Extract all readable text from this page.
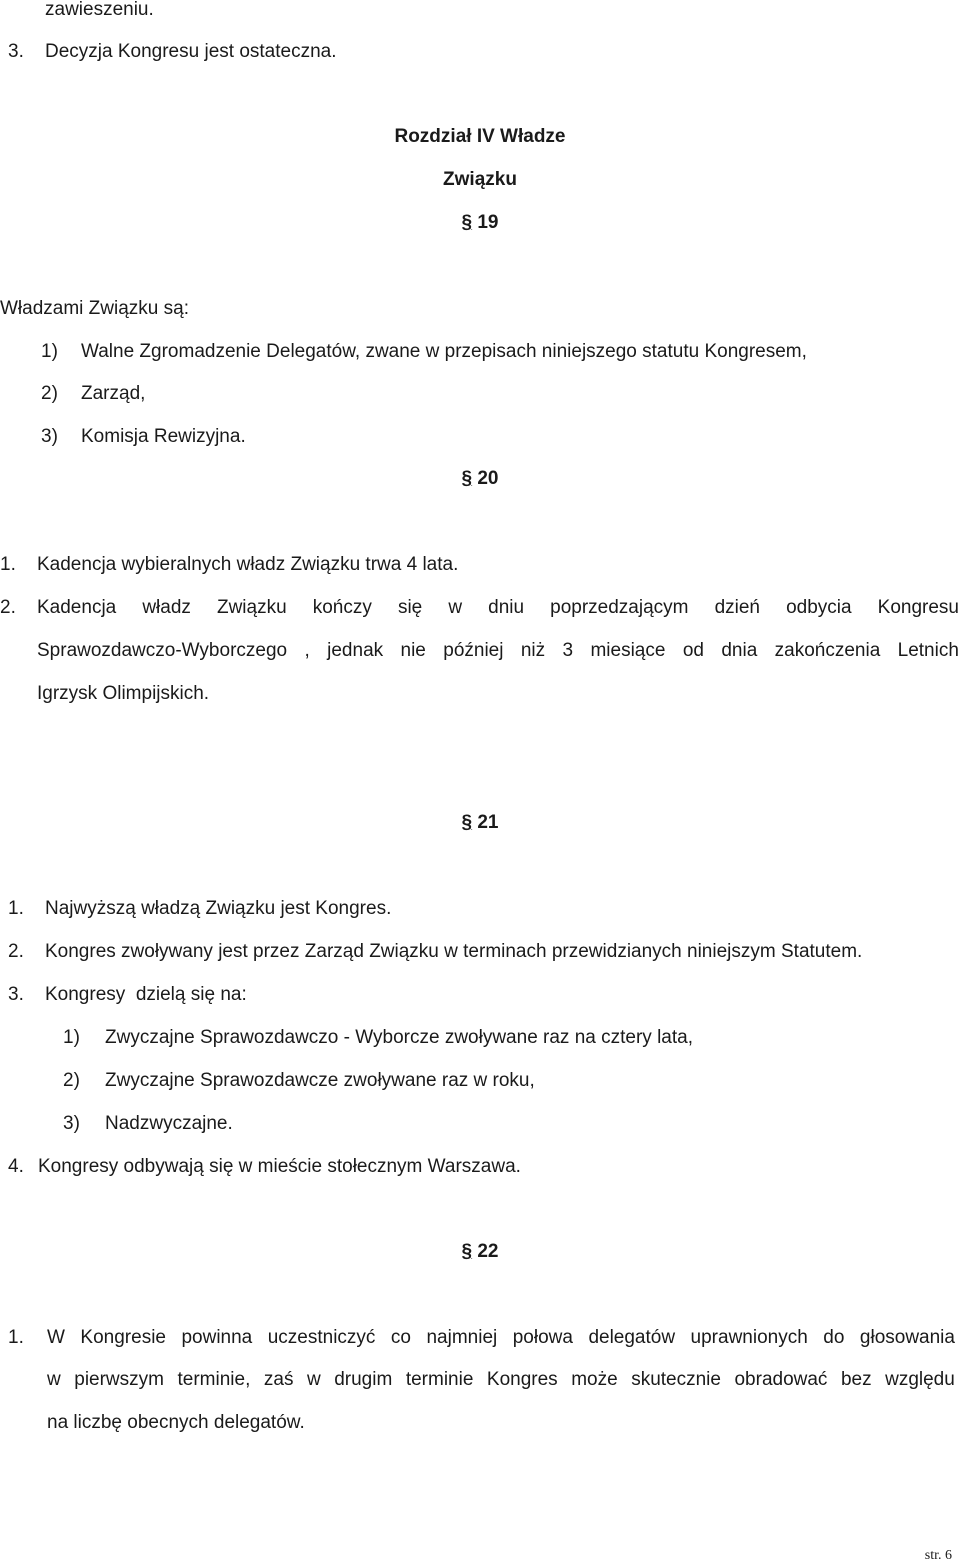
zawieszeniu.
3. Decyzja Kongresu jest ostateczna.
Rozdział IV Władze
Związku
§ 19
Władzami Związku są:
1) Walne Zgromadzenie Delegatów, zwane w przepisach niniejszego statutu Kongresem,
2) Zarząd,
3) Komisja Rewizyjna.
§ 20
1. Kadencja wybieralnych władz Związku trwa 4 lata.
2. Kadencja władz Związku kończy się w dniu poprzedzającym dzień odbycia Kongresu
Sprawozdawczo-Wyborczego , jednak nie później niż 3 miesiące od dnia zakończenia Letnich
Igrzysk Olimpijskich.
§ 21
1. Najwyższą władzą Związku jest Kongres.
2. Kongres zwoływany jest przez Zarząd Związku w terminach przewidzianych niniejszym Statutem.
3. Kongresy  dzielą się na:
1) Zwyczajne Sprawozdawczo - Wyborcze zwoływane raz na cztery lata,
2) Zwyczajne Sprawozdawcze zwoływane raz w roku,
3) Nadzwyczajne.
4. Kongresy odbywają się w mieście stołecznym Warszawa.
§ 22
1. W Kongresie powinna uczestniczyć co najmniej połowa delegatów uprawnionych do głosowania
w pierwszym terminie, zaś w drugim terminie Kongres może skutecznie obradować bez względu
na liczbę obecnych delegatów.
str. 6
